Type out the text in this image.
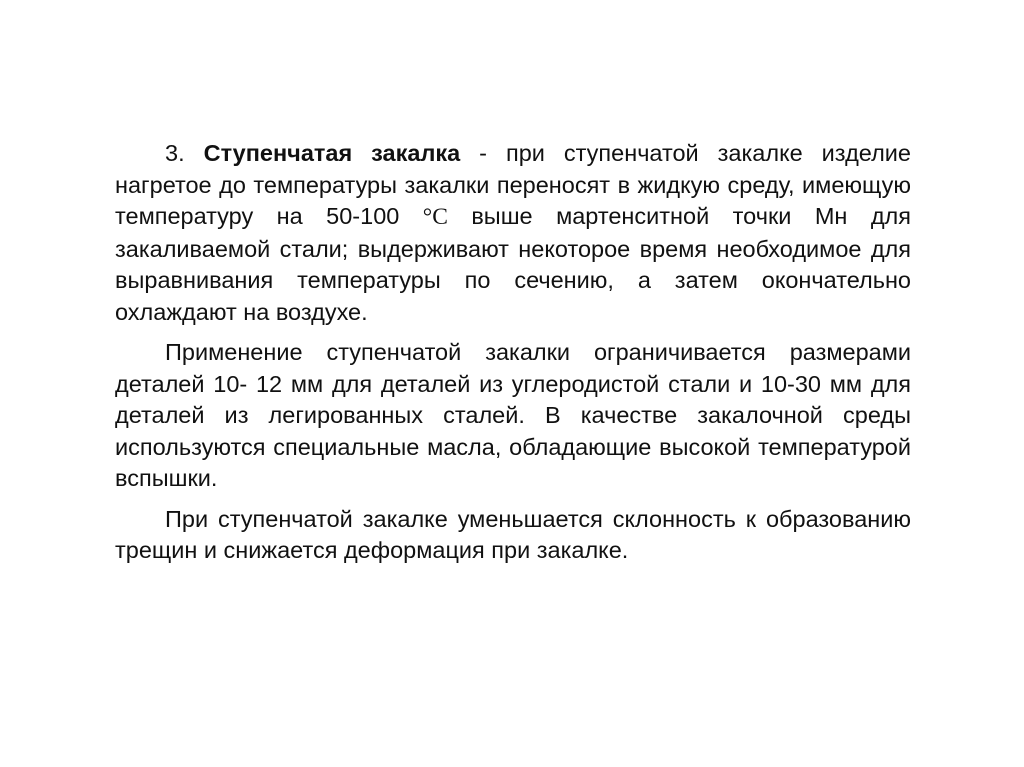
3. Ступенчатая закалка - при ступенчатой закалке изделие нагретое до температуры закалки переносят в жидкую среду, имеющую температуру на 50-100 °С выше мартенситной точки Мн для закаливаемой стали; выдерживают некоторое время необходимое для выравнивания температуры по сечению, а затем окончательно охлаждают на воздухе.

Применение ступенчатой закалки ограничивается размерами деталей 10- 12 мм для деталей из углеродистой стали и 10-30 мм для деталей из легированных сталей. В качестве закалочной среды используются специальные масла, обладающие высокой температурой вспышки.

При ступенчатой закалке уменьшается склонность к образованию трещин и снижается деформация при закалке.
